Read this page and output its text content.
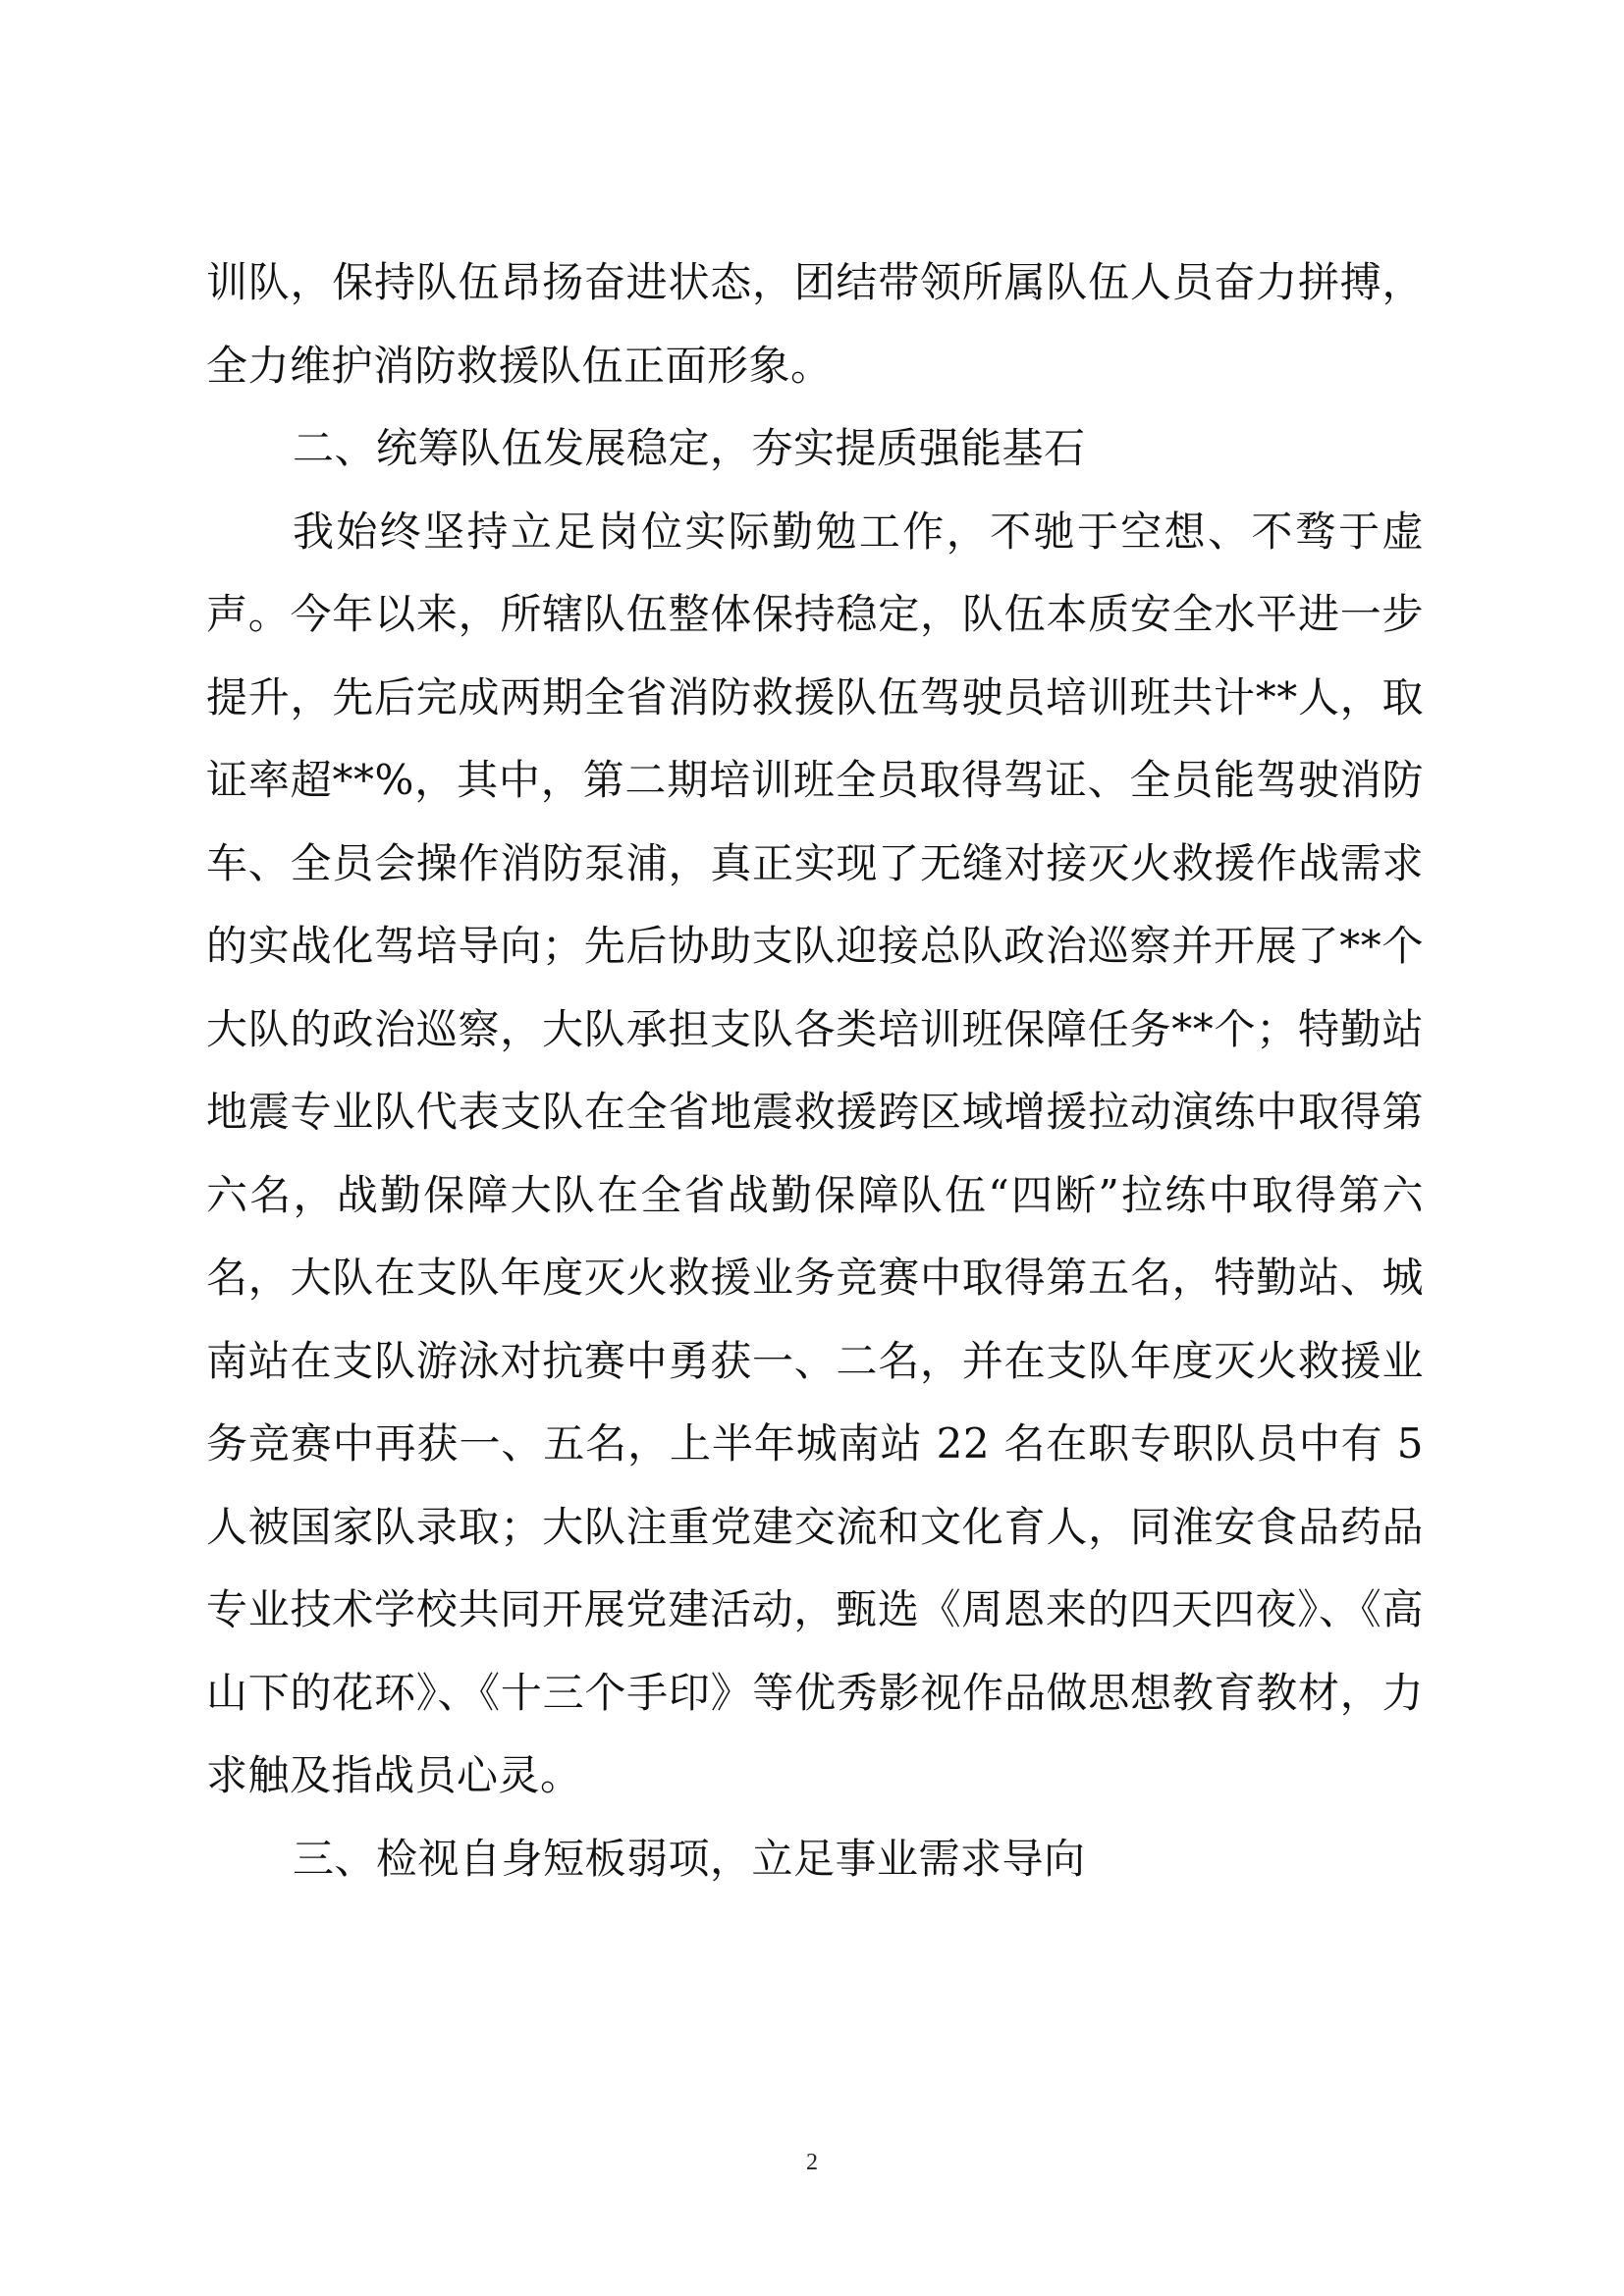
训队，保持队伍昂扬奋进状态，团结带领所属队伍人员奋力拼搏，全力维护消防救援队伍正面形象。

二、统筹队伍发展稳定，夯实提质强能基石

我始终坚持立足岗位实际勤勉工作，不驰于空想、不骛于虚声。今年以来，所辖队伍整体保持稳定，队伍本质安全水平进一步提升，先后完成两期全省消防救援队伍驾驶员培训班共计**人，取证率超**%，其中，第二期培训班全员取得驾证、全员能驾驶消防车、全员会操作消防泵浦，真正实现了无缝对接灭火救援作战需求的实战化驾培导向；先后协助支队迎接总队政治巡察并开展了**个大队的政治巡察，大队承担支队各类培训班保障任务**个；特勤站地震专业队代表支队在全省地震救援跨区域增援拉动演练中取得第六名，战勤保障大队在全省战勤保障队伍“四断”拉练中取得第六名，大队在支队年度灭火救援业务竞赛中取得第五名，特勤站、城南站在支队游泳对抗赛中勇获一、二名，并在支队年度灭火救援业务竞赛中再获一、五名，上半年城南站 22 名在职专职队员中有 5 人被国家队录取；大队注重党建交流和文化育人，同淮安食品药品专业技术学校共同开展党建活动，甄选《周恩来的四天四夜》、《高山下的花环》、《十三个手印》等优秀影视作品做思想教育教材，力求触及指战员心灵。

三、检视自身短板弱项，立足事业需求导向

2
